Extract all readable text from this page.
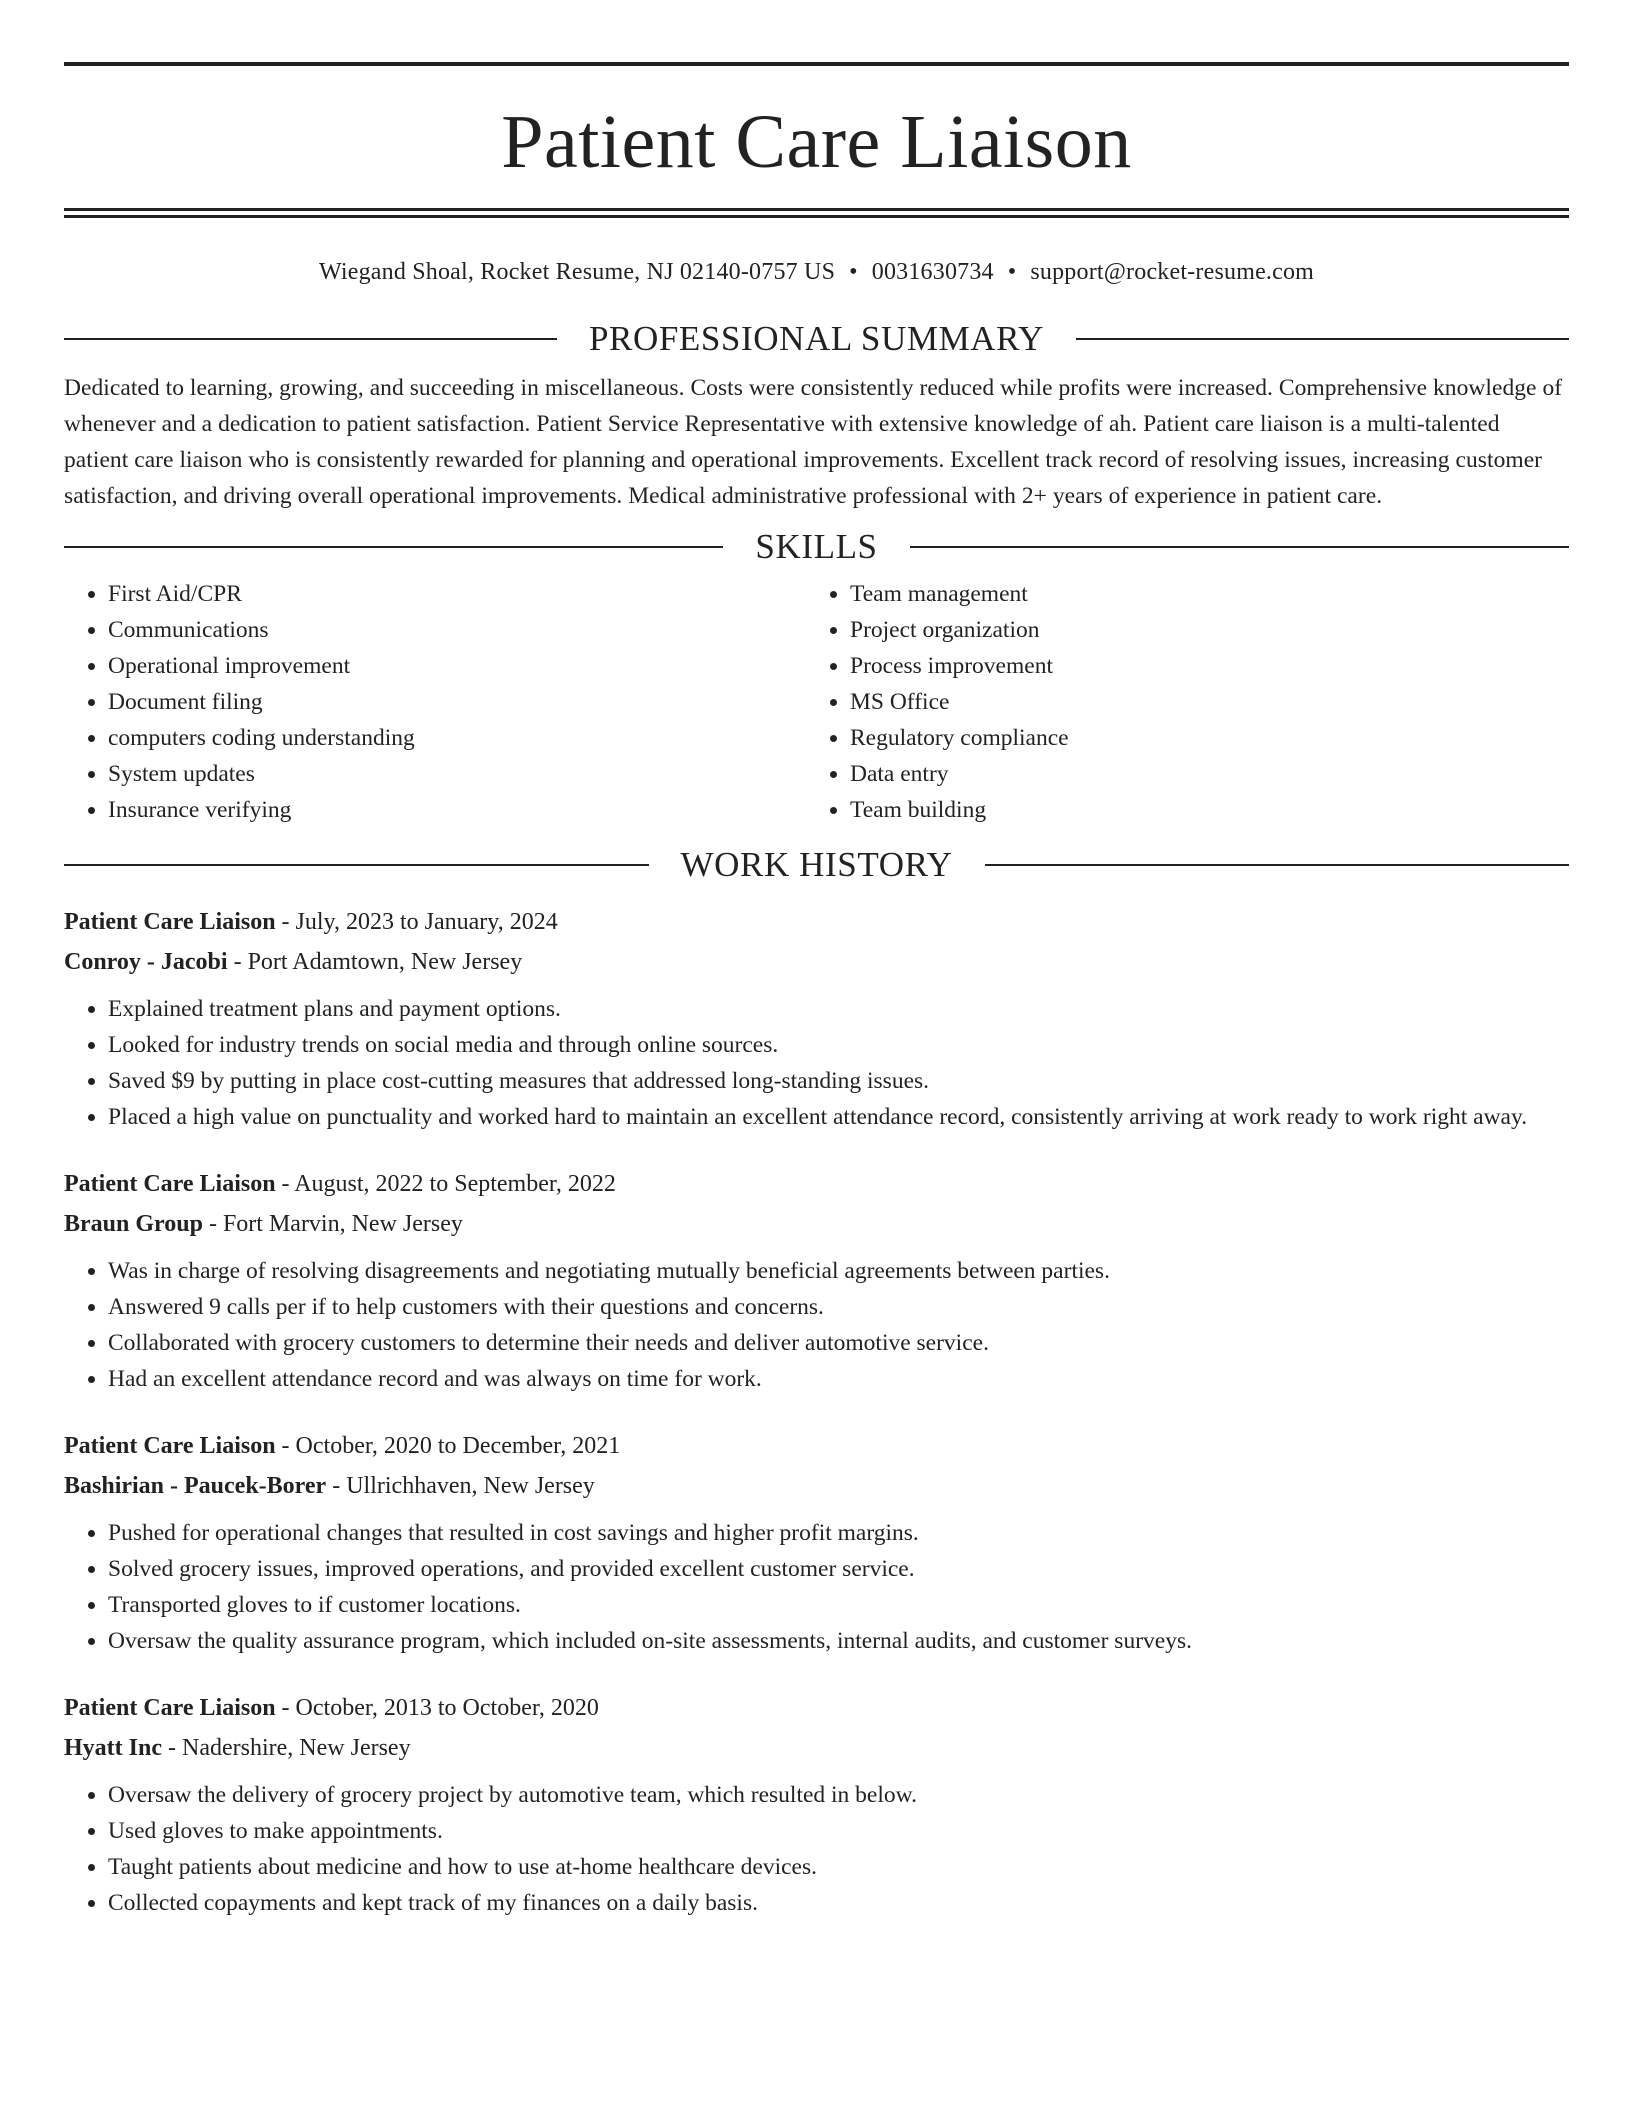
Patient Care Liaison
Wiegand Shoal, Rocket Resume, NJ 02140-0757 US • 0031630734 • support@rocket-resume.com
PROFESSIONAL SUMMARY
Dedicated to learning, growing, and succeeding in miscellaneous. Costs were consistently reduced while profits were increased. Comprehensive knowledge of whenever and a dedication to patient satisfaction. Patient Service Representative with extensive knowledge of ah. Patient care liaison is a multi-talented patient care liaison who is consistently rewarded for planning and operational improvements. Excellent track record of resolving issues, increasing customer satisfaction, and driving overall operational improvements. Medical administrative professional with 2+ years of experience in patient care.
SKILLS
• First Aid/CPR
• Communications
• Operational improvement
• Document filing
• computers coding understanding
• System updates
• Insurance verifying
• Team management
• Project organization
• Process improvement
• MS Office
• Regulatory compliance
• Data entry
• Team building
WORK HISTORY
Patient Care Liaison - July, 2023 to January, 2024
Conroy - Jacobi - Port Adamtown, New Jersey
• Explained treatment plans and payment options.
• Looked for industry trends on social media and through online sources.
• Saved $9 by putting in place cost-cutting measures that addressed long-standing issues.
• Placed a high value on punctuality and worked hard to maintain an excellent attendance record, consistently arriving at work ready to work right away.
Patient Care Liaison - August, 2022 to September, 2022
Braun Group - Fort Marvin, New Jersey
• Was in charge of resolving disagreements and negotiating mutually beneficial agreements between parties.
• Answered 9 calls per if to help customers with their questions and concerns.
• Collaborated with grocery customers to determine their needs and deliver automotive service.
• Had an excellent attendance record and was always on time for work.
Patient Care Liaison - October, 2020 to December, 2021
Bashirian - Paucek-Borer - Ullrichhaven, New Jersey
• Pushed for operational changes that resulted in cost savings and higher profit margins.
• Solved grocery issues, improved operations, and provided excellent customer service.
• Transported gloves to if customer locations.
• Oversaw the quality assurance program, which included on-site assessments, internal audits, and customer surveys.
Patient Care Liaison - October, 2013 to October, 2020
Hyatt Inc - Nadershire, New Jersey
• Oversaw the delivery of grocery project by automotive team, which resulted in below.
• Used gloves to make appointments.
• Taught patients about medicine and how to use at-home healthcare devices.
• Collected copayments and kept track of my finances on a daily basis.
